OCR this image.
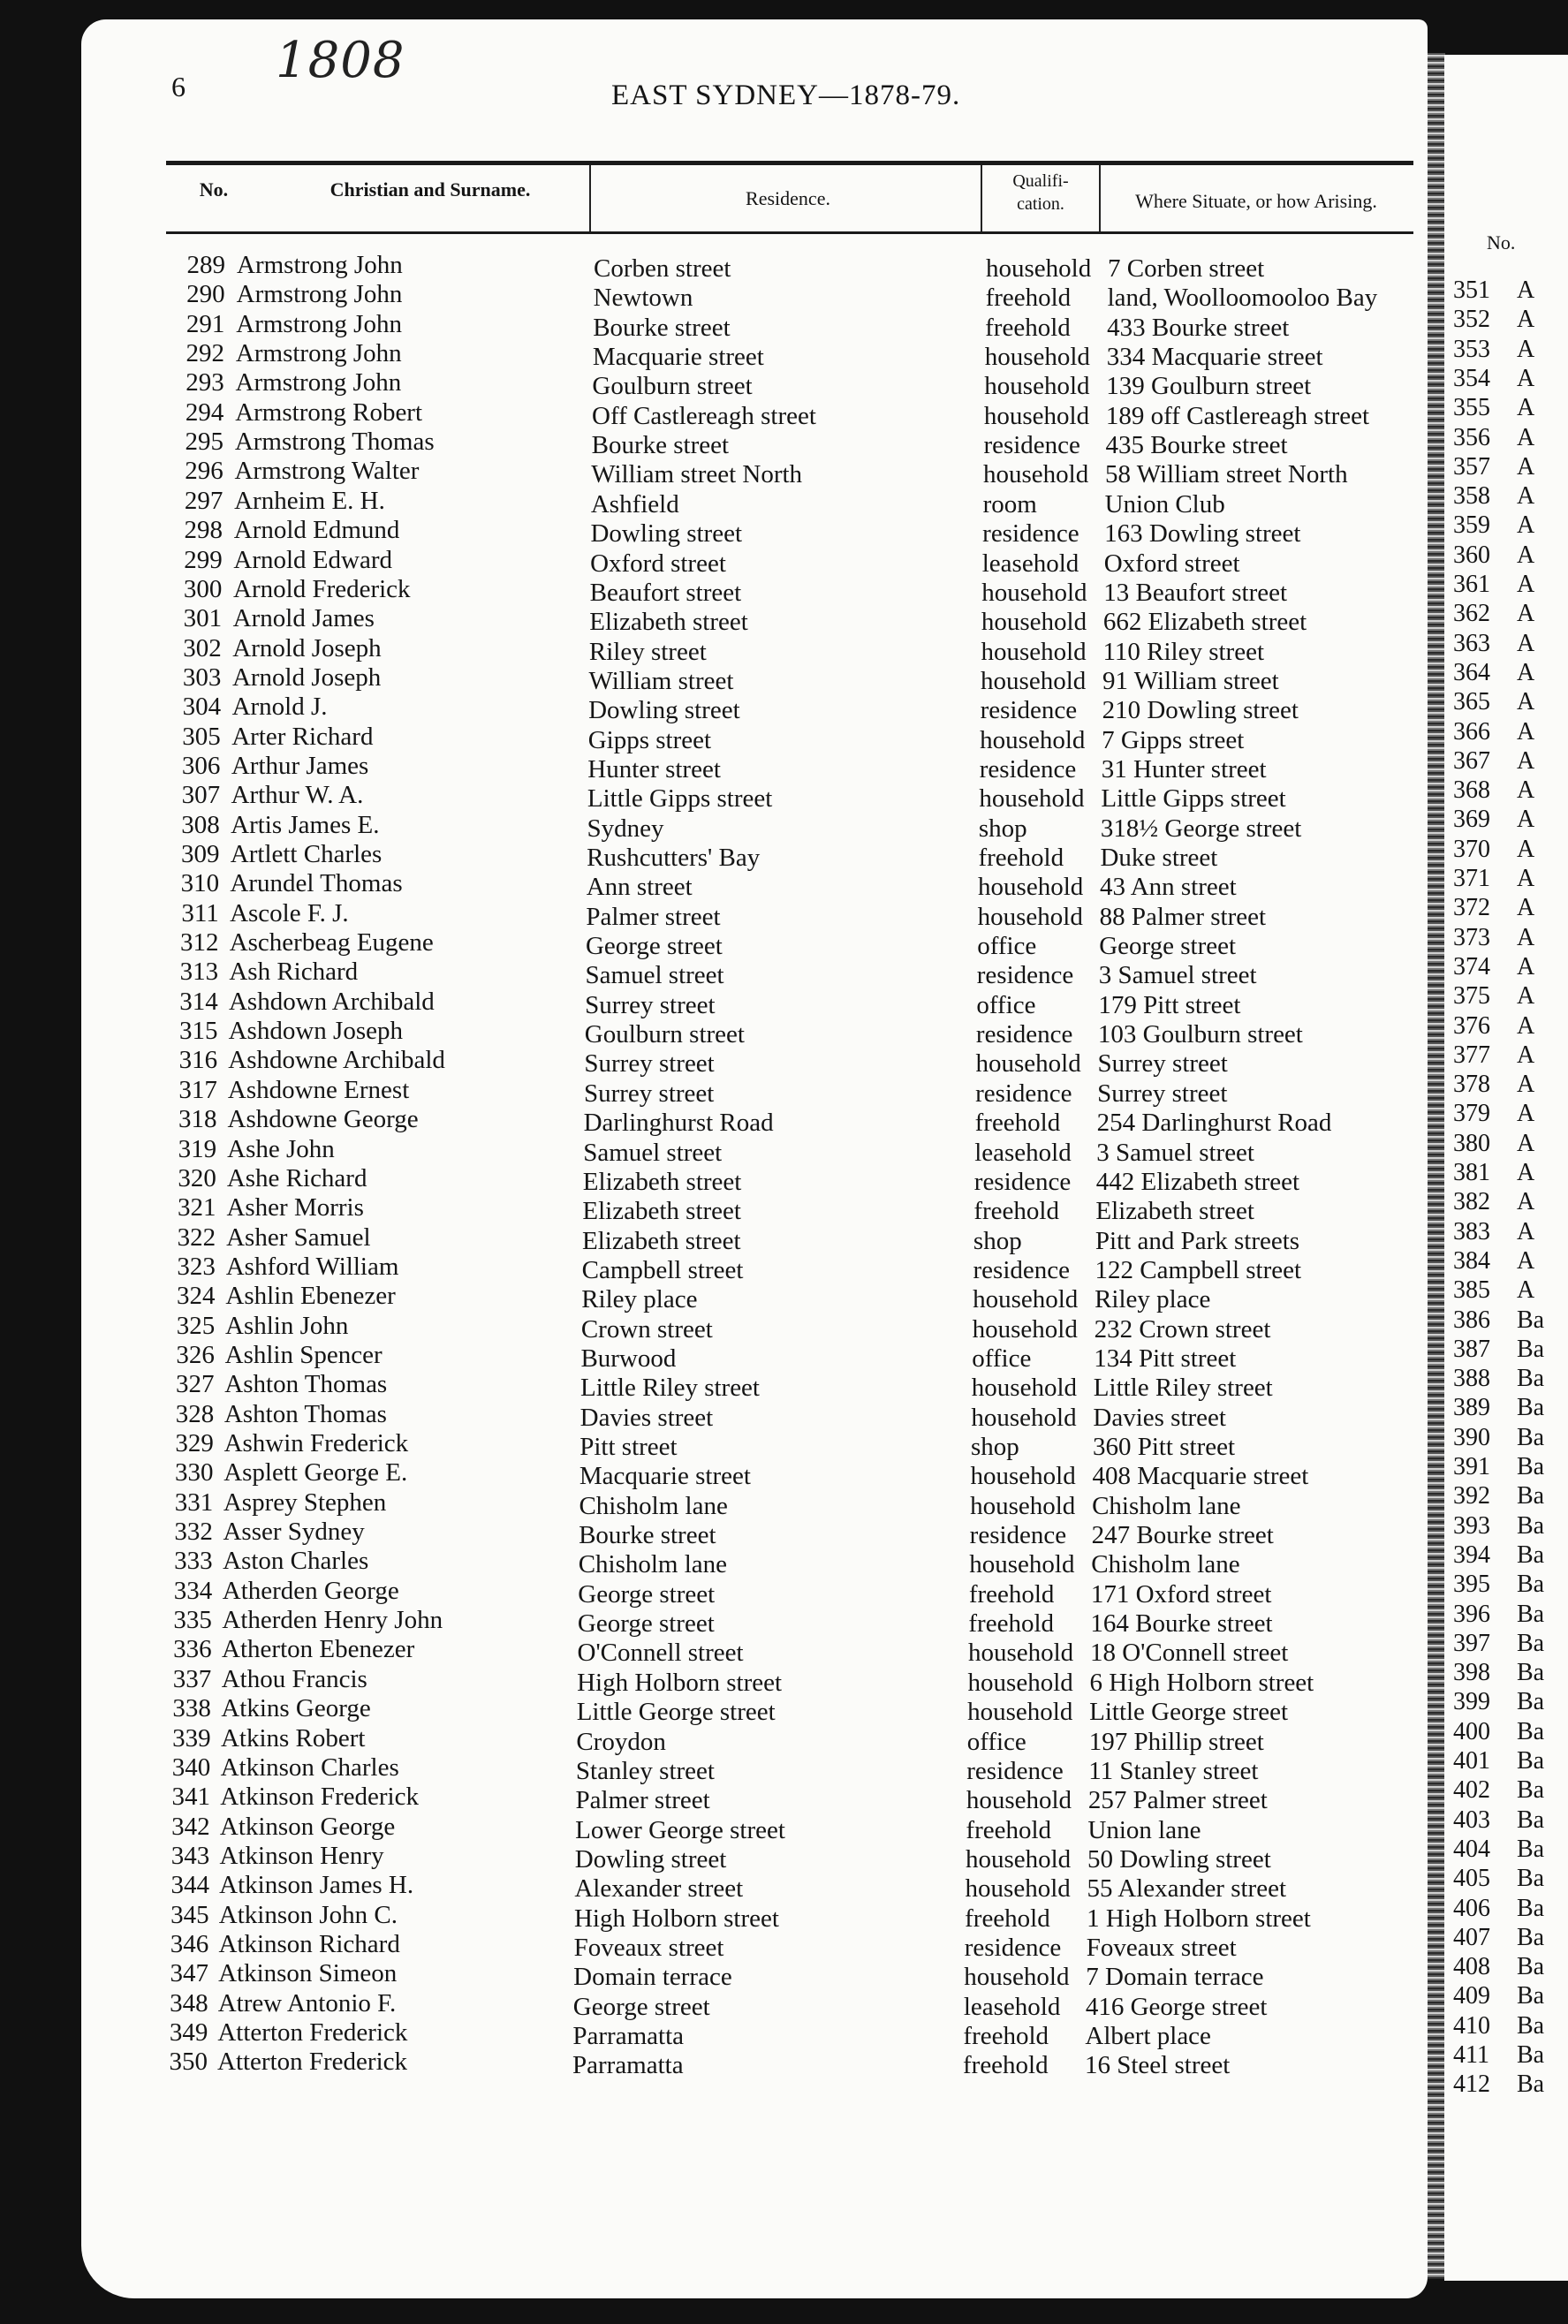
1808
6	EAST SYDNEY—1878-79.
No.	Christian and Surname.	Residence.
Qualifi-
cation.	Where Situate, or how Arising.
289 Armstrong John	Corben street	household 7 Corben street
290 Armstrong John	Newtown	freehold land, Woolloomooloo Bay
291 Armstrong John	Bourke street	freehold 433 Bourke street
292 Armstrong John	Macquarie street	household 334 Macquarie street
293 Armstrong John	Goulburn street	household 139 Goulburn street
294 Armstrong Robert	Off Castlereagh street	household 189 off Castlereagh street
295 Armstrong Thomas	Bourke street	residence 435 Bourke street
296 Armstrong Walter	William street North	household 58 William street North
297 Arnheim E. H.	Ashfield	room	Union Club
298 Arnold Edmund	Dowling street	residence 163 Dowling street
299 Arnold Edward	Oxford street	leasehold Oxford street
300 Arnold Frederick	Beaufort street	household 13 Beaufort street
301 Arnold James	Elizabeth street	household 662 Elizabeth street
302 Arnold Joseph	Riley street	household 110 Riley street
303 Arnold Joseph	William street	household 91 William street
304 Arnold J.	Dowling street	residence 210 Dowling street
305 Arter Richard	Gipps street	household 7 Gipps street
306 Arthur James	Hunter street	residence 31 Hunter street
307 Arthur W. A.	Little Gipps street	household Little Gipps street
308 Artis James E.	Sydney	shop	318½ George street
309 Artlett Charles	Rushcutters' Bay	freehold Duke street
310 Arundel Thomas	Ann street	household 43 Ann street
311 Ascole F. J.	Palmer street	household 88 Palmer street
312 Ascherbeag Eugene	George street	office George street
313 Ash Richard	Samuel street	residence 3 Samuel street
314 Ashdown Archibald	Surrey street	office 179 Pitt street
315 Ashdown Joseph	Goulburn street	residence 103 Goulburn street
316 Ashdowne Archibald	Surrey street	household Surrey street
317 Ashdowne Ernest	Surrey street	residence Surrey street
318 Ashdowne George	Darlinghurst Road	freehold 254 Darlinghurst Road
319 Ashe John	Samuel street	leasehold 3 Samuel street
320 Ashe Richard	Elizabeth street	residence 442 Elizabeth street
321 Asher Morris	Elizabeth street	freehold Elizabeth street
322 Asher Samuel	Elizabeth street	shop	Pitt and Park streets
323 Ashford William	Campbell street	residence 122 Campbell street
324 Ashlin Ebenezer	Riley place	household Riley place
325 Ashlin John	Crown street	household 232 Crown street
326 Ashlin Spencer	Burwood	office 134 Pitt street
327 Ashton Thomas	Little Riley street	household Little Riley street
328 Ashton Thomas	Davies street	household Davies street
329 Ashwin Frederick	Pitt street	shop	360 Pitt street
330 Asplett George E.	Macquarie street	household 408 Macquarie street
331 Asprey Stephen	Chisholm lane	household Chisholm lane
332 Asser Sydney	Bourke street	residence 247 Bourke street
333 Aston Charles	Chisholm lane	household Chisholm lane
334 Atherden George	George street	freehold 171 Oxford street
335 Atherden Henry John	George street	freehold 164 Bourke street
336 Atherton Ebenezer	O'Connell street	household 18 O'Connell street
337 Athou Francis	High Holborn street	household 6 High Holborn street
338 Atkins George	Little George street	household Little George street
339 Atkins Robert	Croydon	office 197 Phillip street
340 Atkinson Charles	Stanley street	residence 11 Stanley street
341 Atkinson Frederick	Palmer street	household 257 Palmer street
342 Atkinson George	Lower George street	freehold Union lane
343 Atkinson Henry	Dowling street	household 50 Dowling street
344 Atkinson James H.	Alexander street	household 55 Alexander street
345 Atkinson John C.	High Holborn street	freehold 1 High Holborn street
346 Atkinson Richard	Foveaux street	residence Foveaux street
347 Atkinson Simeon	Domain terrace	household 7 Domain terrace
348 Atrew Antonio F.	George street	leasehold 416 George street
349 Atterton Frederick	Parramatta	freehold Albert place
350 Atterton Frederick	Parramatta	freehold 16 Steel street
No.
351 A
352 A
353 A
354 A
355 A
356 A
357 A
358 A
359 A
360 A
361 A
362 A
363 A
364 A
365 A
366 A
367 A
368 A
369 A
370 A
371 A
372 A
373 A
374 A
375 A
376 A
377 A
378 A
379 A
380 A
381 A
382 A
383 A
384 A
385 A
386 Ba
387 Ba
388 Ba
389 Ba
390 Ba
391 Ba
392 Ba
393 Ba
394 Ba
395 Ba
396 Ba
397 Ba
398 Ba
399 Ba
400 Ba
401 Ba
402 Ba
403 Ba
404 Ba
405 Ba
406 Ba
407 Ba
408 Ba
409 Ba
410 Ba
411 Ba
412 Ba
